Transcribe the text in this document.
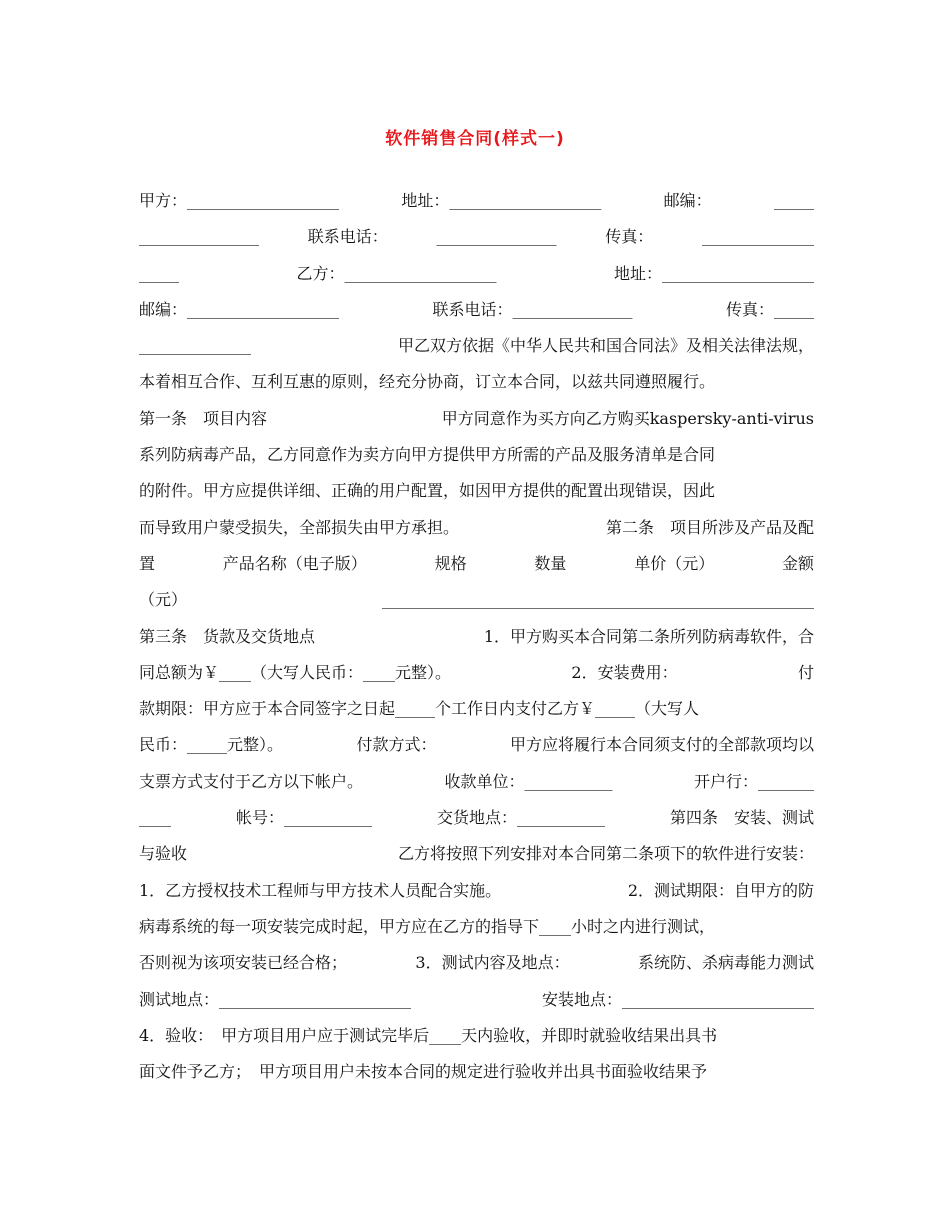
软件销售合同(样式一)
甲方：___________________	地址：___________________	邮编：	_____
_______________	联系电话：	_______________	传真：	______________
_____	乙方：___________________	地址：___________________
邮编：___________________	联系电话：_______________	传真：_____
______________	甲乙双方依据《中华人民共和国合同法》及相关法律法规，
本着相互合作、互利互惠的原则，经充分协商，订立本合同，以兹共同遵照履行。
第一条　项目内容	甲方同意作为买方向乙方购买kaspersky-anti-virus
系列防病毒产品，乙方同意作为卖方向甲方提供甲方所需的产品及服务清单是合同
的附件。甲方应提供详细、正确的用户配置，如因甲方提供的配置出现错误，因此
而导致用户蒙受损失，全部损失由甲方承担。	第二条　项目所涉及产品及配
置	产品名称（电子版）	规格	数量	单价（元）	金额
（元）	______________________________________________________
第三条　货款及交货地点	1．甲方购买本合同第二条所列防病毒软件，合
同总额为￥____（大写人民币：____元整）。	2．安装费用：	付
款期限：甲方应于本合同签字之日起_____个工作日内支付乙方￥_____（大写人
民币：_____元整）。	付款方式：	甲方应将履行本合同须支付的全部款项均以
支票方式支付于乙方以下帐户。	收款单位：___________	开户行：_______
____	帐号：___________	交货地点：___________	第四条　安装、测试
与验收	乙方将按照下列安排对本合同第二条项下的软件进行安装：
1．乙方授权技术工程师与甲方技术人员配合实施。	2．测试期限：自甲方的防
病毒系统的每一项安装完成时起，甲方应在乙方的指导下____小时之内进行测试，
否则视为该项安装已经合格；	3．测试内容及地点：	系统防、杀病毒能力测试
测试地点：________________________	安装地点：________________________
4．验收：　甲方项目用户应于测试完毕后____天内验收，并即时就验收结果出具书
面文件予乙方；　甲方项目用户未按本合同的规定进行验收并出具书面验收结果予
